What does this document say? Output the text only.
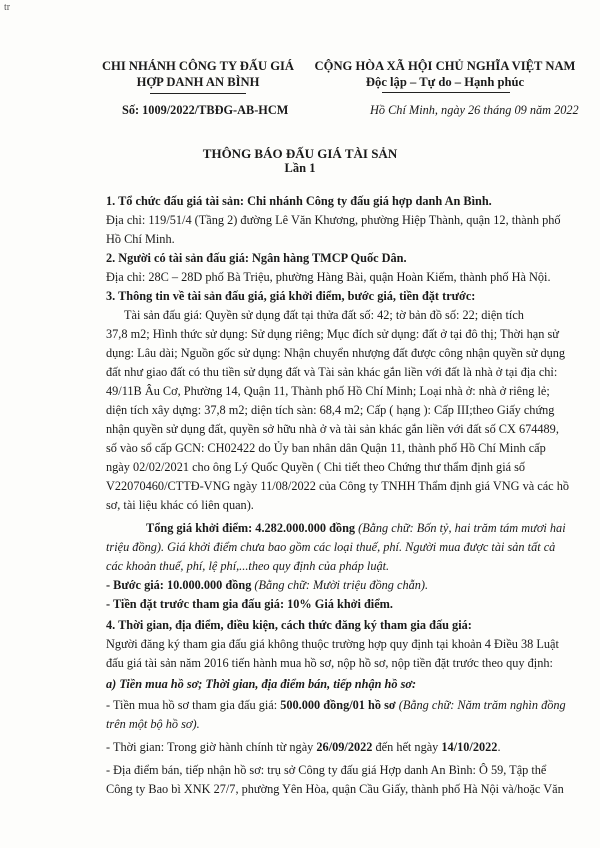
tr
CHI NHÁNH CÔNG TY ĐẤU GIÁ
HỢP DANH AN BÌNH
Số: 1009/2022/TBĐG-AB-HCM
CỘNG HÒA XÃ HỘI CHỦ NGHĨA VIỆT NAM
Độc lập – Tự do – Hạnh phúc
Hồ Chí Minh, ngày 26 tháng 09 năm 2022
THÔNG BÁO ĐẤU GIÁ TÀI SẢN
Lần 1
1. Tổ chức đấu giá tài sản: Chi nhánh Công ty đấu giá hợp danh An Bình.
Địa chỉ: 119/51/4 (Tầng 2) đường Lê Văn Khương, phường Hiệp Thành, quận 12, thành phố
Hồ Chí Minh.
2. Người có tài sản đấu giá: Ngân hàng TMCP Quốc Dân.
Địa chỉ: 28C – 28D phố Bà Triệu, phường Hàng Bài, quận Hoàn Kiếm, thành phố Hà Nội.
3. Thông tin về tài sản đấu giá, giá khởi điểm, bước giá, tiền đặt trước:
Tài sản đấu giá: Quyền sử dụng đất tại thửa đất số: 42; tờ bản đồ số: 22; diện tích
37,8 m2; Hình thức sử dụng: Sử dụng riêng; Mục đích sử dụng: đất ở tại đô thị; Thời hạn sử
dụng: Lâu dài; Nguồn gốc sử dụng: Nhận chuyển nhượng đất được công nhận quyền sử dụng
đất như giao đất có thu tiền sử dụng đất và Tài sản khác gắn liền với đất là nhà ở tại địa chỉ:
49/11B Âu Cơ, Phường 14, Quận 11, Thành phố Hồ Chí Minh; Loại nhà ở: nhà ở riêng lẻ;
diện tích xây dựng: 37,8 m2; diện tích sàn: 68,4 m2; Cấp ( hạng ): Cấp III;theo Giấy chứng
nhận quyền sử dụng đất, quyền sở hữu nhà ở và tài sản khác gắn liền với đất số CX 674489,
số vào sổ cấp GCN: CH02422 do Ủy ban nhân dân Quận 11, thành phố Hồ Chí Minh cấp
ngày 02/02/2021 cho ông Lý Quốc Quyền ( Chi tiết theo Chứng thư thẩm định giá số
V22070460/CTTĐ-VNG ngày 11/08/2022 của Công ty TNHH Thẩm định giá VNG và các hồ
sơ, tài liệu khác có liên quan).
Tổng giá khởi điểm: 4.282.000.000 đồng (Bằng chữ: Bốn tỷ, hai trăm tám mươi hai
triệu đồng). Giá khởi điểm chưa bao gồm các loại thuế, phí. Người mua được tài sản tất cả
các khoản thuế, phí, lệ phí,...theo quy định của pháp luật.
- Bước giá: 10.000.000 đồng (Bằng chữ: Mười triệu đồng chẵn).
- Tiền đặt trước tham gia đấu giá: 10% Giá khởi điểm.
4. Thời gian, địa điểm, điều kiện, cách thức đăng ký tham gia đấu giá:
Người đăng ký tham gia đấu giá không thuộc trường hợp quy định tại khoản 4 Điều 38 Luật
đấu giá tài sản năm 2016 tiến hành mua hồ sơ, nộp hồ sơ, nộp tiền đặt trước theo quy định:
a) Tiền mua hồ sơ; Thời gian, địa điểm bán, tiếp nhận hồ sơ:
- Tiền mua hồ sơ tham gia đấu giá: 500.000 đồng/01 hồ sơ (Bằng chữ: Năm trăm nghìn đồng
trên một bộ hồ sơ).
- Thời gian: Trong giờ hành chính từ ngày 26/09/2022 đến hết ngày 14/10/2022.
- Địa điểm bán, tiếp nhận hồ sơ: trụ sở Công ty đấu giá Hợp danh An Bình: Ô 59, Tập thể
Công ty Bao bì XNK 27/7, phường Yên Hòa, quận Cầu Giấy, thành phố Hà Nội và/hoặc Văn
